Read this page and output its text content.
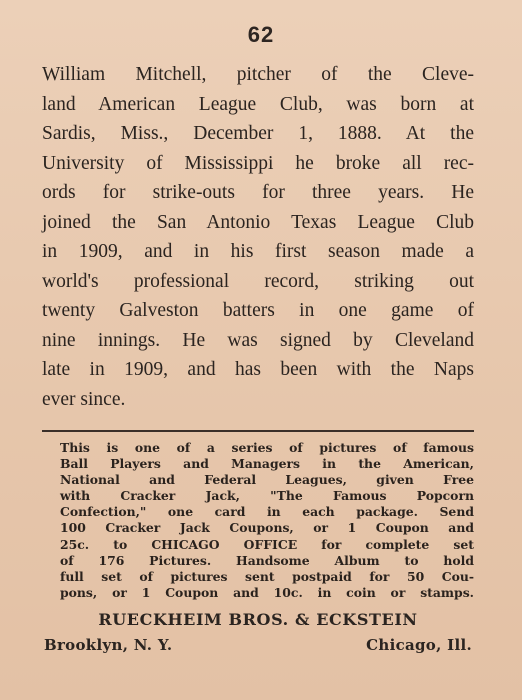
62
William Mitchell, pitcher of the Cleve-
land American League Club, was born at
Sardis, Miss., December 1, 1888. At the
University of Mississippi he broke all rec-
ords for strike-outs for three years. He
joined the San Antonio Texas League Club
in 1909, and in his first season made a
world's professional record, striking out
twenty Galveston batters in one game of
nine innings. He was signed by Cleveland
late in 1909, and has been with the Naps
ever since.
This is one of a series of pictures of famous
Ball Players and Managers in the American,
National and Federal Leagues, given Free
with Cracker Jack, "The Famous Popcorn
Confection," one card in each package. Send
100 Cracker Jack Coupons, or 1 Coupon and
25c. to CHICAGO OFFICE for complete set
of 176 Pictures. Handsome Album to hold
full set of pictures sent postpaid for 50 Cou-
pons, or 1 Coupon and 10c. in coin or stamps.
RUECKHEIM BROS. & ECKSTEIN
Brooklyn, N. Y.	Chicago, Ill.
